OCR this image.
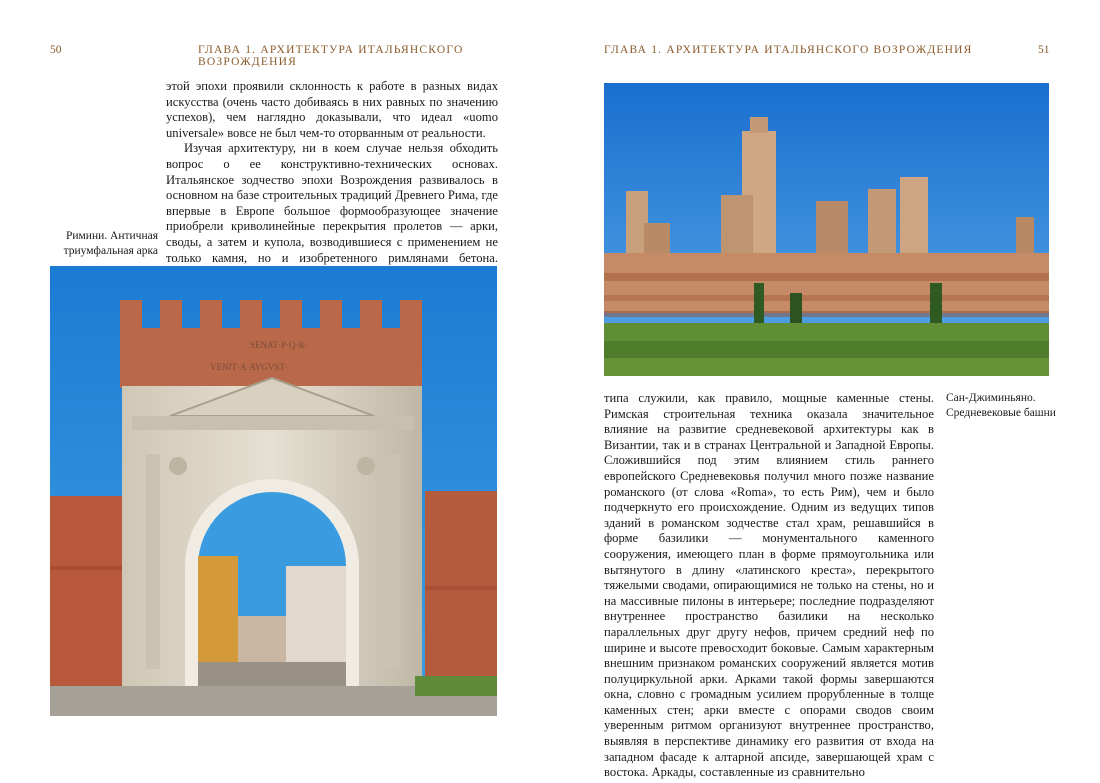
50	ГЛАВА 1. АРХИТЕКТУРА ИТАЛЬЯНСКОГО ВОЗРОЖДЕНИЯ

этой эпохи проявили склонность к работе в разных видах искусства (очень часто добиваясь в них равных по значению успехов), чем наглядно доказывали, что идеал «uomo universale» вовсе не был чем-то оторванным от реальности.

Изучая архитектуру, ни в коем случае нельзя обходить вопрос о ее конструктивно-технических основах. Итальянское зодчество эпохи Возрождения развивалось в основном на базе строительных традиций Древнего Рима, где впервые в Европе большое формообразующее значение приобрели криволинейные перекрытия пролетов — арки, своды, а затем и купола, возводившиеся с применением не только камня, но и изобретенного римлянами бетона.

Римини. Античная триумфальная арка
SENAT·P·Q·R·
VENIT·A·AVGVST·
ГЛАВА 1. АРХИТЕКТУРА ИТАЛЬЯНСКОГО ВОЗРОЖДЕНИЯ	51

типа служили, как правило, мощные каменные стены. Римская строительная техника оказала значительное влияние на развитие средневековой архитектуры как в Византии, так и в странах Центральной и Западной Европы. Сложившийся под этим влиянием стиль раннего европейского Средневековья получил много позже название романского (от слова «Roma», то есть Рим), чем и было подчеркнуто его происхождение. Одним из ведущих типов зданий в романском зодчестве стал храм, решавшийся в форме базилики — монументального каменного сооружения, имеющего план в форме прямоугольника или вытянутого в длину «латинского креста», перекрытого тяжелыми сводами, опирающимися не только на стены, но и на массивные пилоны в интерьере; последние подразделяют внутреннее пространство базилики на несколько параллельных друг другу нефов, причем средний неф по ширине и высоте превосходит боковые. Самым характерным внешним признаком романских сооружений является мотив полуциркульной арки. Арками такой формы завершаются окна, словно с громадным усилием прорубленные в толще каменных стен; арки вместе с опорами сводов своим уверенным ритмом организуют внутреннее пространство, выявляя в перспективе динамику его развития от входа на западном фасаде к алтарной апсиде, завершающей храм с востока. Аркады, составленные из сравнительно

Сан-Джиминьяно. Средневековые башни
